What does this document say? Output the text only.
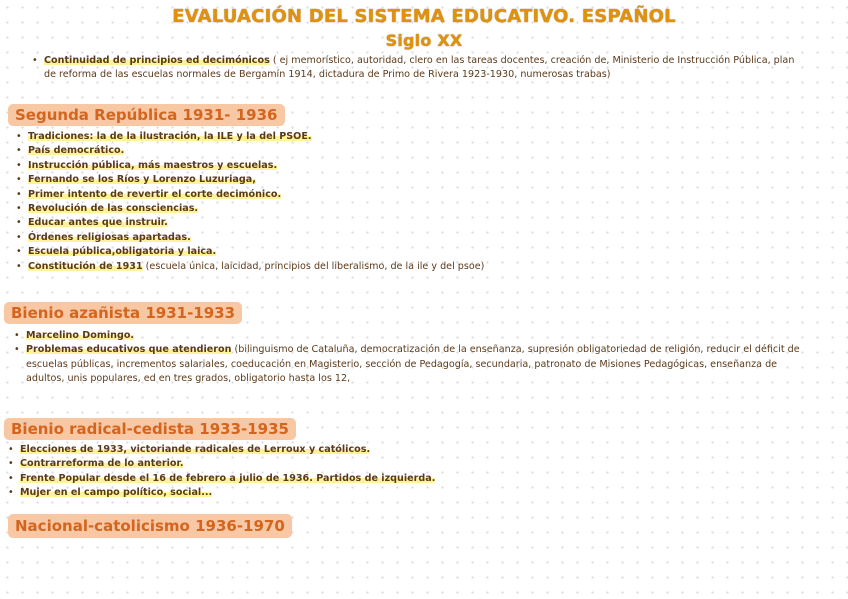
EVALUACIÓN DEL SISTEMA EDUCATIVO. ESPAÑOL
Siglo XX
• Continuidad de principios ed decimónicos ( ej memorístico, autoridad, clero en las tareas docentes, creación de, Ministerio de Instrucción Pública, plan de reforma de las escuelas normales de Bergamín 1914, dictadura de Primo de Rivera 1923-1930, numerosas trabas)
Segunda República 1931- 1936
• Tradiciones: la de la ilustración, la ILE y la del PSOE.
• País democrático.
• Instrucción pública, más maestros y escuelas.
• Fernando se los Ríos y Lorenzo Luzuriaga,
• Primer intento de revertir el corte decimónico.
• Revolución de las consciencias.
• Educar antes que instruir.
• Órdenes religiosas apartadas.
• Escuela pública,obligatoria y laica.
• Constitución de 1931 (escuela única, laicidad, principios del liberalismo, de la ile y del psoe)
Bienio azañista 1931-1933
• Marcelino Domingo.
• Problemas educativos que atendieron (bilinguismo de Cataluña, democratización de la enseñanza, supresión obligatoriedad de religión, reducir el déficit de escuelas públicas, incrementos salariales, coeducación en Magisterio, sección de Pedagogía, secundaria, patronato de Misiones Pedagógicas, enseñanza de adultos, unis populares, ed en tres grados, obligatorio hasta los 12,
Bienio radical-cedista 1933-1935
• Elecciones de 1933, victoriande radicales de Lerroux y católicos.
• Contrarreforma de lo anterior.
• Frente Popular desde el 16 de febrero a julio de 1936. Partidos de izquierda.
• Mujer en el campo político, social...
Nacional-catolicismo 1936-1970
